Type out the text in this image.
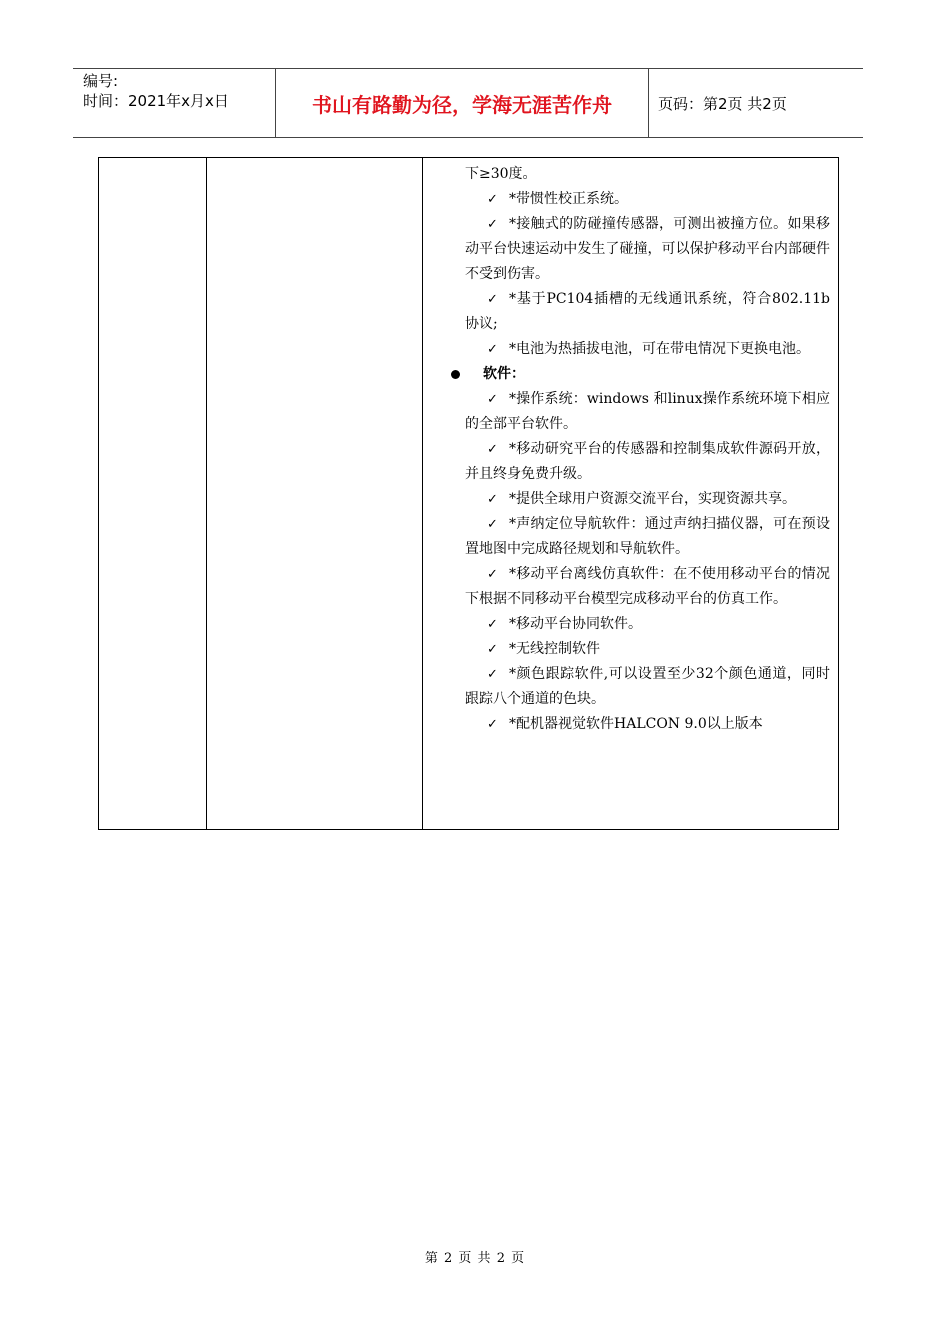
编号:
时间：2021年x月x日	书山有路勤为径，学海无涯苦作舟	页码：第2页 共2页
下≥30度。
✓ *带惯性校正系统。
✓ *接触式的防碰撞传感器，可测出被撞方位。如果移动平台快速运动中发生了碰撞，可以保护移动平台内部硬件不受到伤害。
✓ *基于PC104插槽的无线通讯系统，符合802.11b协议;
✓ *电池为热插拔电池，可在带电情况下更换电池。
软件：
✓ *操作系统：windows 和linux操作系统环境下相应的全部平台软件。
✓ *移动研究平台的传感器和控制集成软件源码开放，并且终身免费升级。
✓ *提供全球用户资源交流平台，实现资源共享。
✓ *声纳定位导航软件：通过声纳扫描仪器，可在预设置地图中完成路径规划和导航软件。
✓ *移动平台离线仿真软件：在不使用移动平台的情况下根据不同移动平台模型完成移动平台的仿真工作。
✓ *移动平台协同软件。
✓ *无线控制软件
✓ *颜色跟踪软件,可以设置至少32个颜色通道，同时跟踪八个通道的色块。
✓ *配机器视觉软件HALCON 9.0以上版本
第 2 页 共 2 页
